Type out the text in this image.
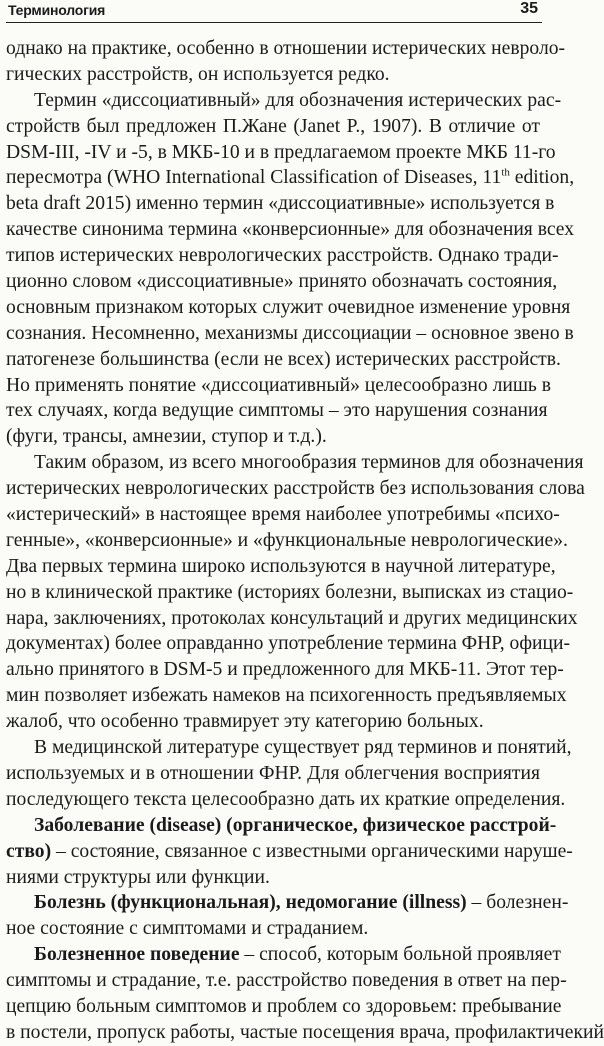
Терминология	35
однако на практике, особенно в отношении истерических невроло-
гических расстройств, он используется редко.
Термин «диссоциативный» для обозначения истерических рас-
стройств был предложен П.Жане (Janet P., 1907). В отличие от
DSM-III, -IV и -5, в МКБ-10 и в предлагаемом проекте МКБ 11-го
пересмотра (WHO International Classification of Diseases, 11th edition,
beta draft 2015) именно термин «диссоциативные» используется в
качестве синонима термина «конверсионные» для обозначения всех
типов истерических неврологических расстройств. Однако тради-
ционно словом «диссоциативные» принято обозначать состояния,
основным признаком которых служит очевидное изменение уровня
сознания. Несомненно, механизмы диссоциации – основное звено в
патогенезе большинства (если не всех) истерических расстройств.
Но применять понятие «диссоциативный» целесообразно лишь в
тех случаях, когда ведущие симптомы – это нарушения сознания
(фуги, трансы, амнезии, ступор и т.д.).
Таким образом, из всего многообразия терминов для обозначения
истерических неврологических расстройств без использования слова
«истерический» в настоящее время наиболее употребимы «психо-
генные», «конверсионные» и «функциональные неврологические».
Два первых термина широко используются в научной литературе,
но в клинической практике (историях болезни, выписках из стацио-
нара, заключениях, протоколах консультаций и других медицинских
документах) более оправданно употребление термина ФНР, офици-
ально принятого в DSM-5 и предложенного для МКБ-11. Этот тер-
мин позволяет избежать намеков на психогенность предъявляемых
жалоб, что особенно травмирует эту категорию больных.
В медицинской литературе существует ряд терминов и понятий,
используемых и в отношении ФНР. Для облегчения восприятия
последующего текста целесообразно дать их краткие определения.
Заболевание (disease) (органическое, физическое расстрой-
ство) – состояние, связанное с известными органическими наруше-
ниями структуры или функции.
Болезнь (функциональная), недомогание (illness) – болезнен-
ное состояние с симптомами и страданием.
Болезненное поведение – способ, которым больной проявляет
симптомы и страдание, т.е. расстройство поведения в ответ на пер-
цепцию больным симптомов и проблем со здоровьем: пребывание
в постели, пропуск работы, частые посещения врача, профилактичекий
